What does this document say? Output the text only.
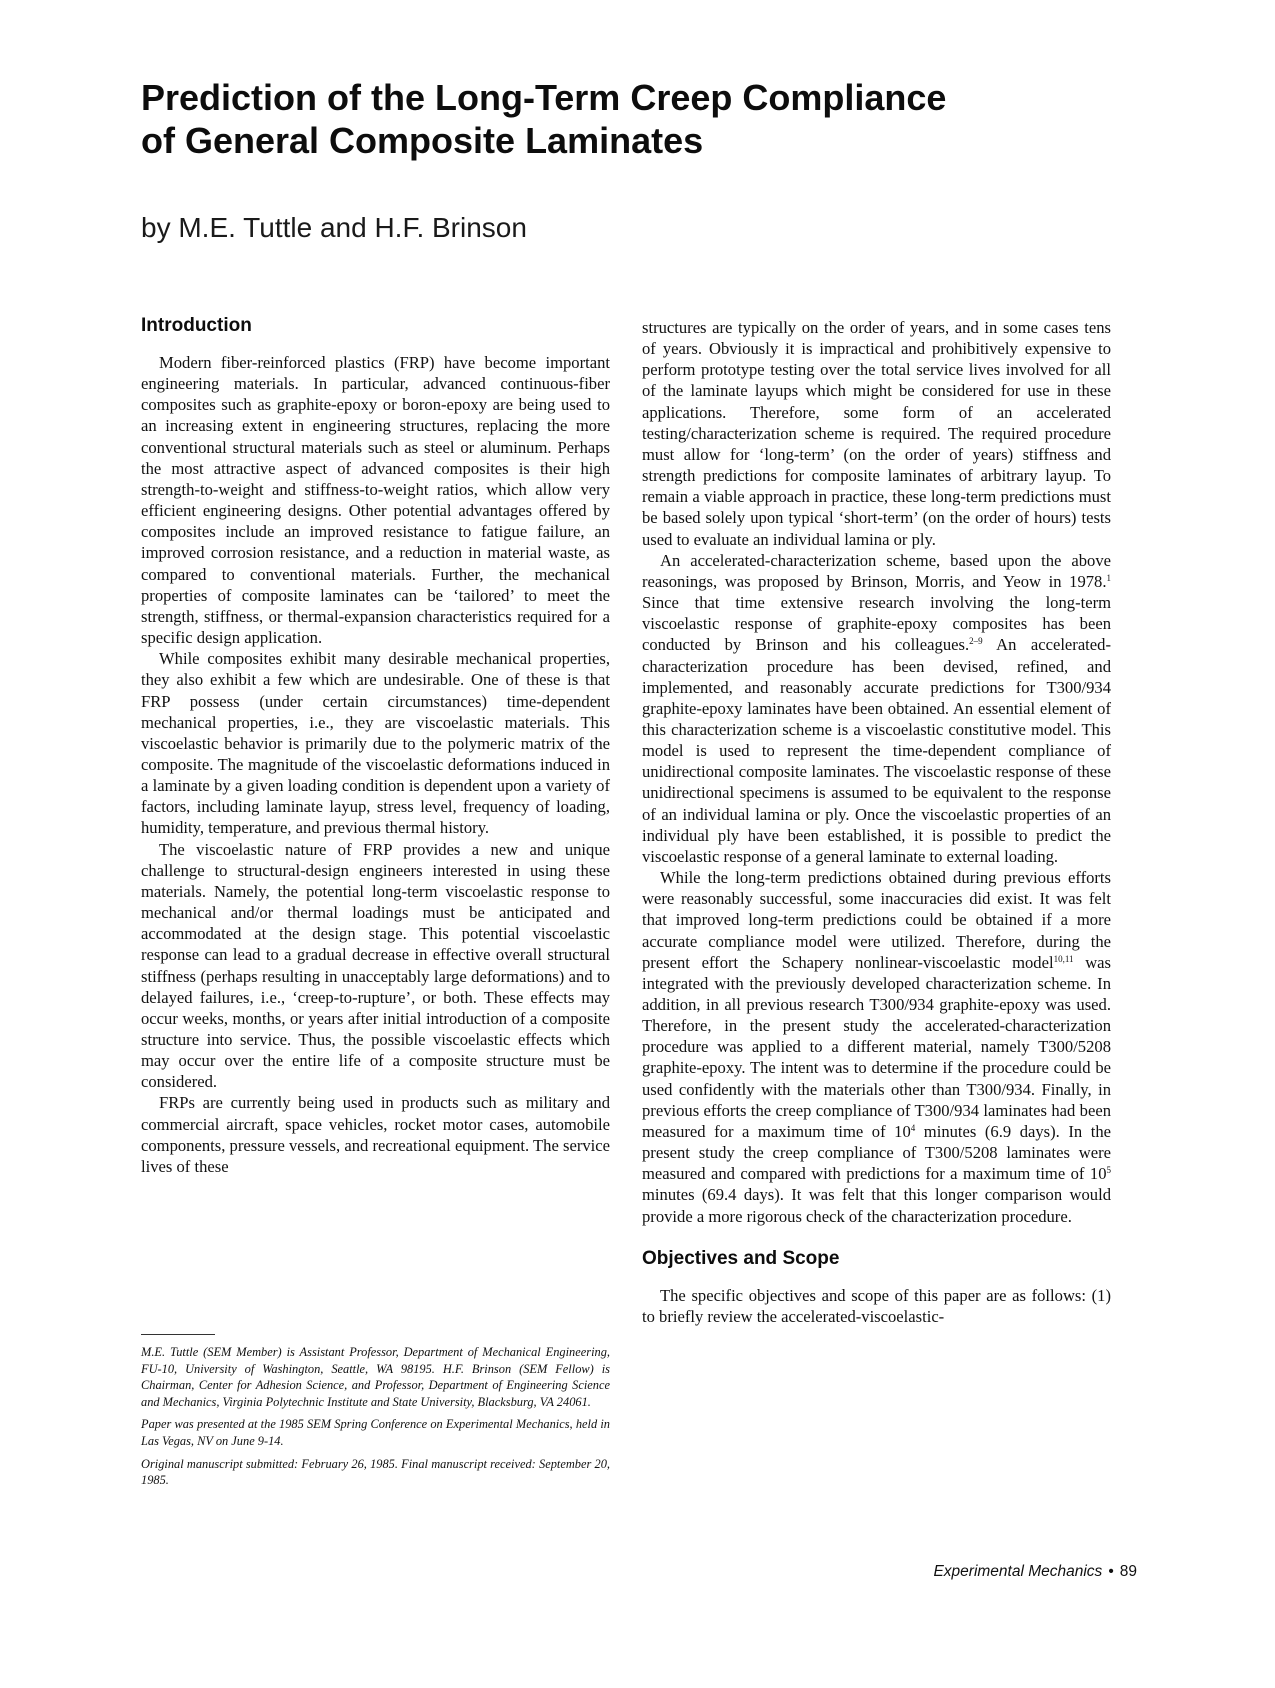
Prediction of the Long-Term Creep Compliance
of General Composite Laminates

by M.E. Tuttle and H.F. Brinson

Introduction

Modern fiber-reinforced plastics (FRP) have become important engineering materials. In particular, advanced continuous-fiber composites such as graphite-epoxy or boron-epoxy are being used to an increasing extent in engineering structures, replacing the more conventional structural materials such as steel or aluminum. Perhaps the most attractive aspect of advanced composites is their high strength-to-weight and stiffness-to-weight ratios, which allow very efficient engineering designs. Other potential advantages offered by composites include an improved resistance to fatigue failure, an improved corrosion resistance, and a reduction in material waste, as compared to conventional materials. Further, the mechanical properties of composite laminates can be ‘tailored’ to meet the strength, stiffness, or thermal-expansion characteristics required for a specific design application.

While composites exhibit many desirable mechanical properties, they also exhibit a few which are undesirable. One of these is that FRP possess (under certain circumstances) time-dependent mechanical properties, i.e., they are viscoelastic materials. This viscoelastic behavior is primarily due to the polymeric matrix of the composite. The magnitude of the viscoelastic deformations induced in a laminate by a given loading condition is dependent upon a variety of factors, including laminate layup, stress level, frequency of loading, humidity, temperature, and previous thermal history.

The viscoelastic nature of FRP provides a new and unique challenge to structural-design engineers interested in using these materials. Namely, the potential long-term viscoelastic response to mechanical and/or thermal loadings must be anticipated and accommodated at the design stage. This potential viscoelastic response can lead to a gradual decrease in effective overall structural stiffness (perhaps resulting in unacceptably large deformations) and to delayed failures, i.e., ‘creep-to-rupture’, or both. These effects may occur weeks, months, or years after initial introduction of a composite structure into service. Thus, the possible viscoelastic effects which may occur over the entire life of a composite structure must be considered.

FRPs are currently being used in products such as military and commercial aircraft, space vehicles, rocket motor cases, automobile components, pressure vessels, and recreational equipment. The service lives of these

M.E. Tuttle (SEM Member) is Assistant Professor, Department of Mechanical Engineering, FU-10, University of Washington, Seattle, WA 98195. H.F. Brinson (SEM Fellow) is Chairman, Center for Adhesion Science, and Professor, Department of Engineering Science and Mechanics, Virginia Polytechnic Institute and State University, Blacksburg, VA 24061.

Paper was presented at the 1985 SEM Spring Conference on Experimental Mechanics, held in Las Vegas, NV on June 9-14.

Original manuscript submitted: February 26, 1985. Final manuscript received: September 20, 1985.

structures are typically on the order of years, and in some cases tens of years. Obviously it is impractical and prohibitively expensive to perform prototype testing over the total service lives involved for all of the laminate layups which might be considered for use in these applications. Therefore, some form of an accelerated testing/characterization scheme is required. The required procedure must allow for ‘long-term’ (on the order of years) stiffness and strength predictions for composite laminates of arbitrary layup. To remain a viable approach in practice, these long-term predictions must be based solely upon typical ‘short-term’ (on the order of hours) tests used to evaluate an individual lamina or ply.

An accelerated-characterization scheme, based upon the above reasonings, was proposed by Brinson, Morris, and Yeow in 1978.$^1$ Since that time extensive research involving the long-term viscoelastic response of graphite-epoxy composites has been conducted by Brinson and his colleagues.$^{2-9}$ An accelerated-characterization procedure has been devised, refined, and implemented, and reasonably accurate predictions for T300/934 graphite-epoxy laminates have been obtained. An essential element of this characterization scheme is a viscoelastic constitutive model. This model is used to represent the time-dependent compliance of unidirectional composite laminates. The viscoelastic response of these unidirectional specimens is assumed to be equivalent to the response of an individual lamina or ply. Once the viscoelastic properties of an individual ply have been established, it is possible to predict the viscoelastic response of a general laminate to external loading.

While the long-term predictions obtained during previous efforts were reasonably successful, some inaccuracies did exist. It was felt that improved long-term predictions could be obtained if a more accurate compliance model were utilized. Therefore, during the present effort the Schapery nonlinear-viscoelastic model$^{10,11}$ was integrated with the previously developed characterization scheme. In addition, in all previous research T300/934 graphite-epoxy was used. Therefore, in the present study the accelerated-characterization procedure was applied to a different material, namely T300/5208 graphite-epoxy. The intent was to determine if the procedure could be used confidently with the materials other than T300/934. Finally, in previous efforts the creep compliance of T300/934 laminates had been measured for a maximum time of $10^4$ minutes (6.9 days). In the present study the creep compliance of T300/5208 laminates were measured and compared with predictions for a maximum time of $10^5$ minutes (69.4 days). It was felt that this longer comparison would provide a more rigorous check of the characterization procedure.

Objectives and Scope

The specific objectives and scope of this paper are as follows: (1) to briefly review the accelerated-viscoelastic-

Experimental Mechanics • 89
